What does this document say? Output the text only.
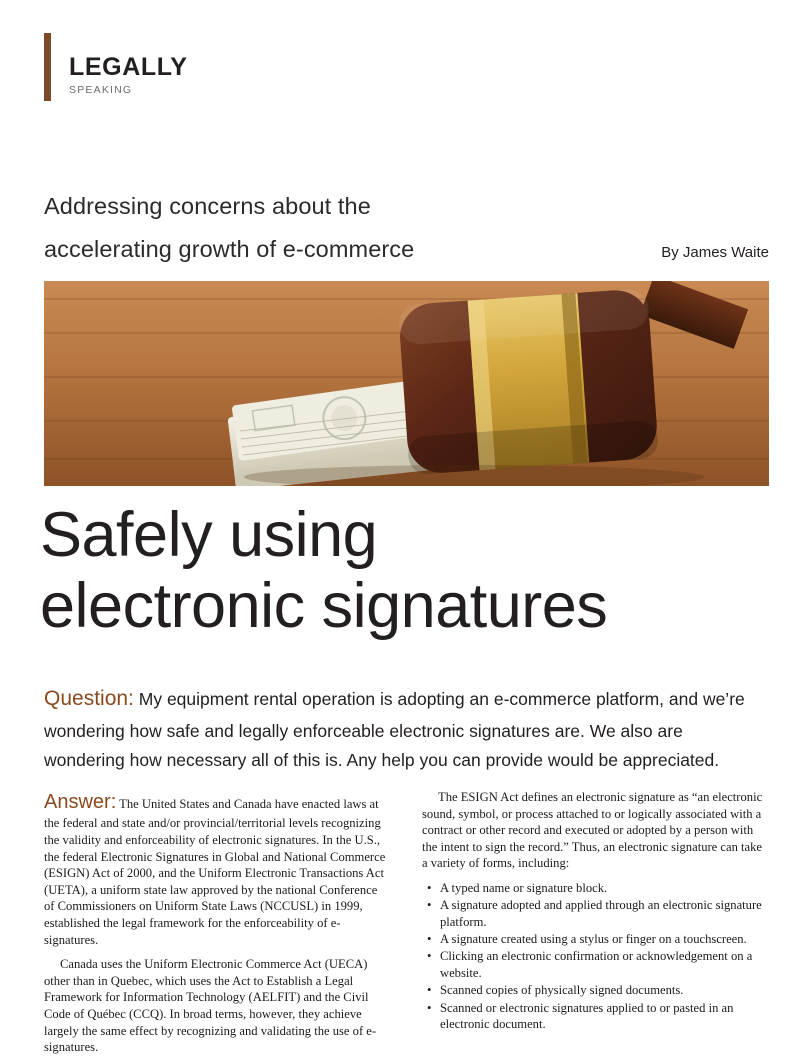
LEGALLY
SPEAKING
Addressing concerns about the
accelerating growth of e-commerce	By James Waite
Safely using
electronic signatures
Question: My equipment rental operation is adopting an e-commerce platform, and we’re wondering how safe and legally enforceable electronic signatures are. We also are wondering how necessary all of this is. Any help you can provide would be appreciated.

Answer: The United States and Canada have enacted laws at the federal and state and/or provincial/territorial levels recognizing the validity and enforceability of electronic signatures. In the U.S., the federal Electronic Signatures in Global and National Commerce (ESIGN) Act of 2000, and the Uniform Electronic Transactions Act (UETA), a uniform state law approved by the national Conference of Commissioners on Uniform State Laws (NCCUSL) in 1999, established the legal framework for the enforceability of e-signatures.

Canada uses the Uniform Electronic Commerce Act (UECA) other than in Quebec, which uses the Act to Establish a Legal Framework for Information Technology (AELFIT) and the Civil Code of Québec (CCQ). In broad terms, however, they achieve largely the same effect by recognizing and validating the use of e-signatures.

The ESIGN Act defines an electronic signature as “an electronic sound, symbol, or process attached to or logically associated with a contract or other record and executed or adopted by a person with the intent to sign the record.” Thus, an electronic signature can take a variety of forms, including:

• A typed name or signature block.
• A signature adopted and applied through an electronic signature platform.
• A signature created using a stylus or finger on a touchscreen.
• Clicking an electronic confirmation or acknowledgement on a website.
• Scanned copies of physically signed documents.
• Scanned or electronic signatures applied to or pasted in an electronic document.
